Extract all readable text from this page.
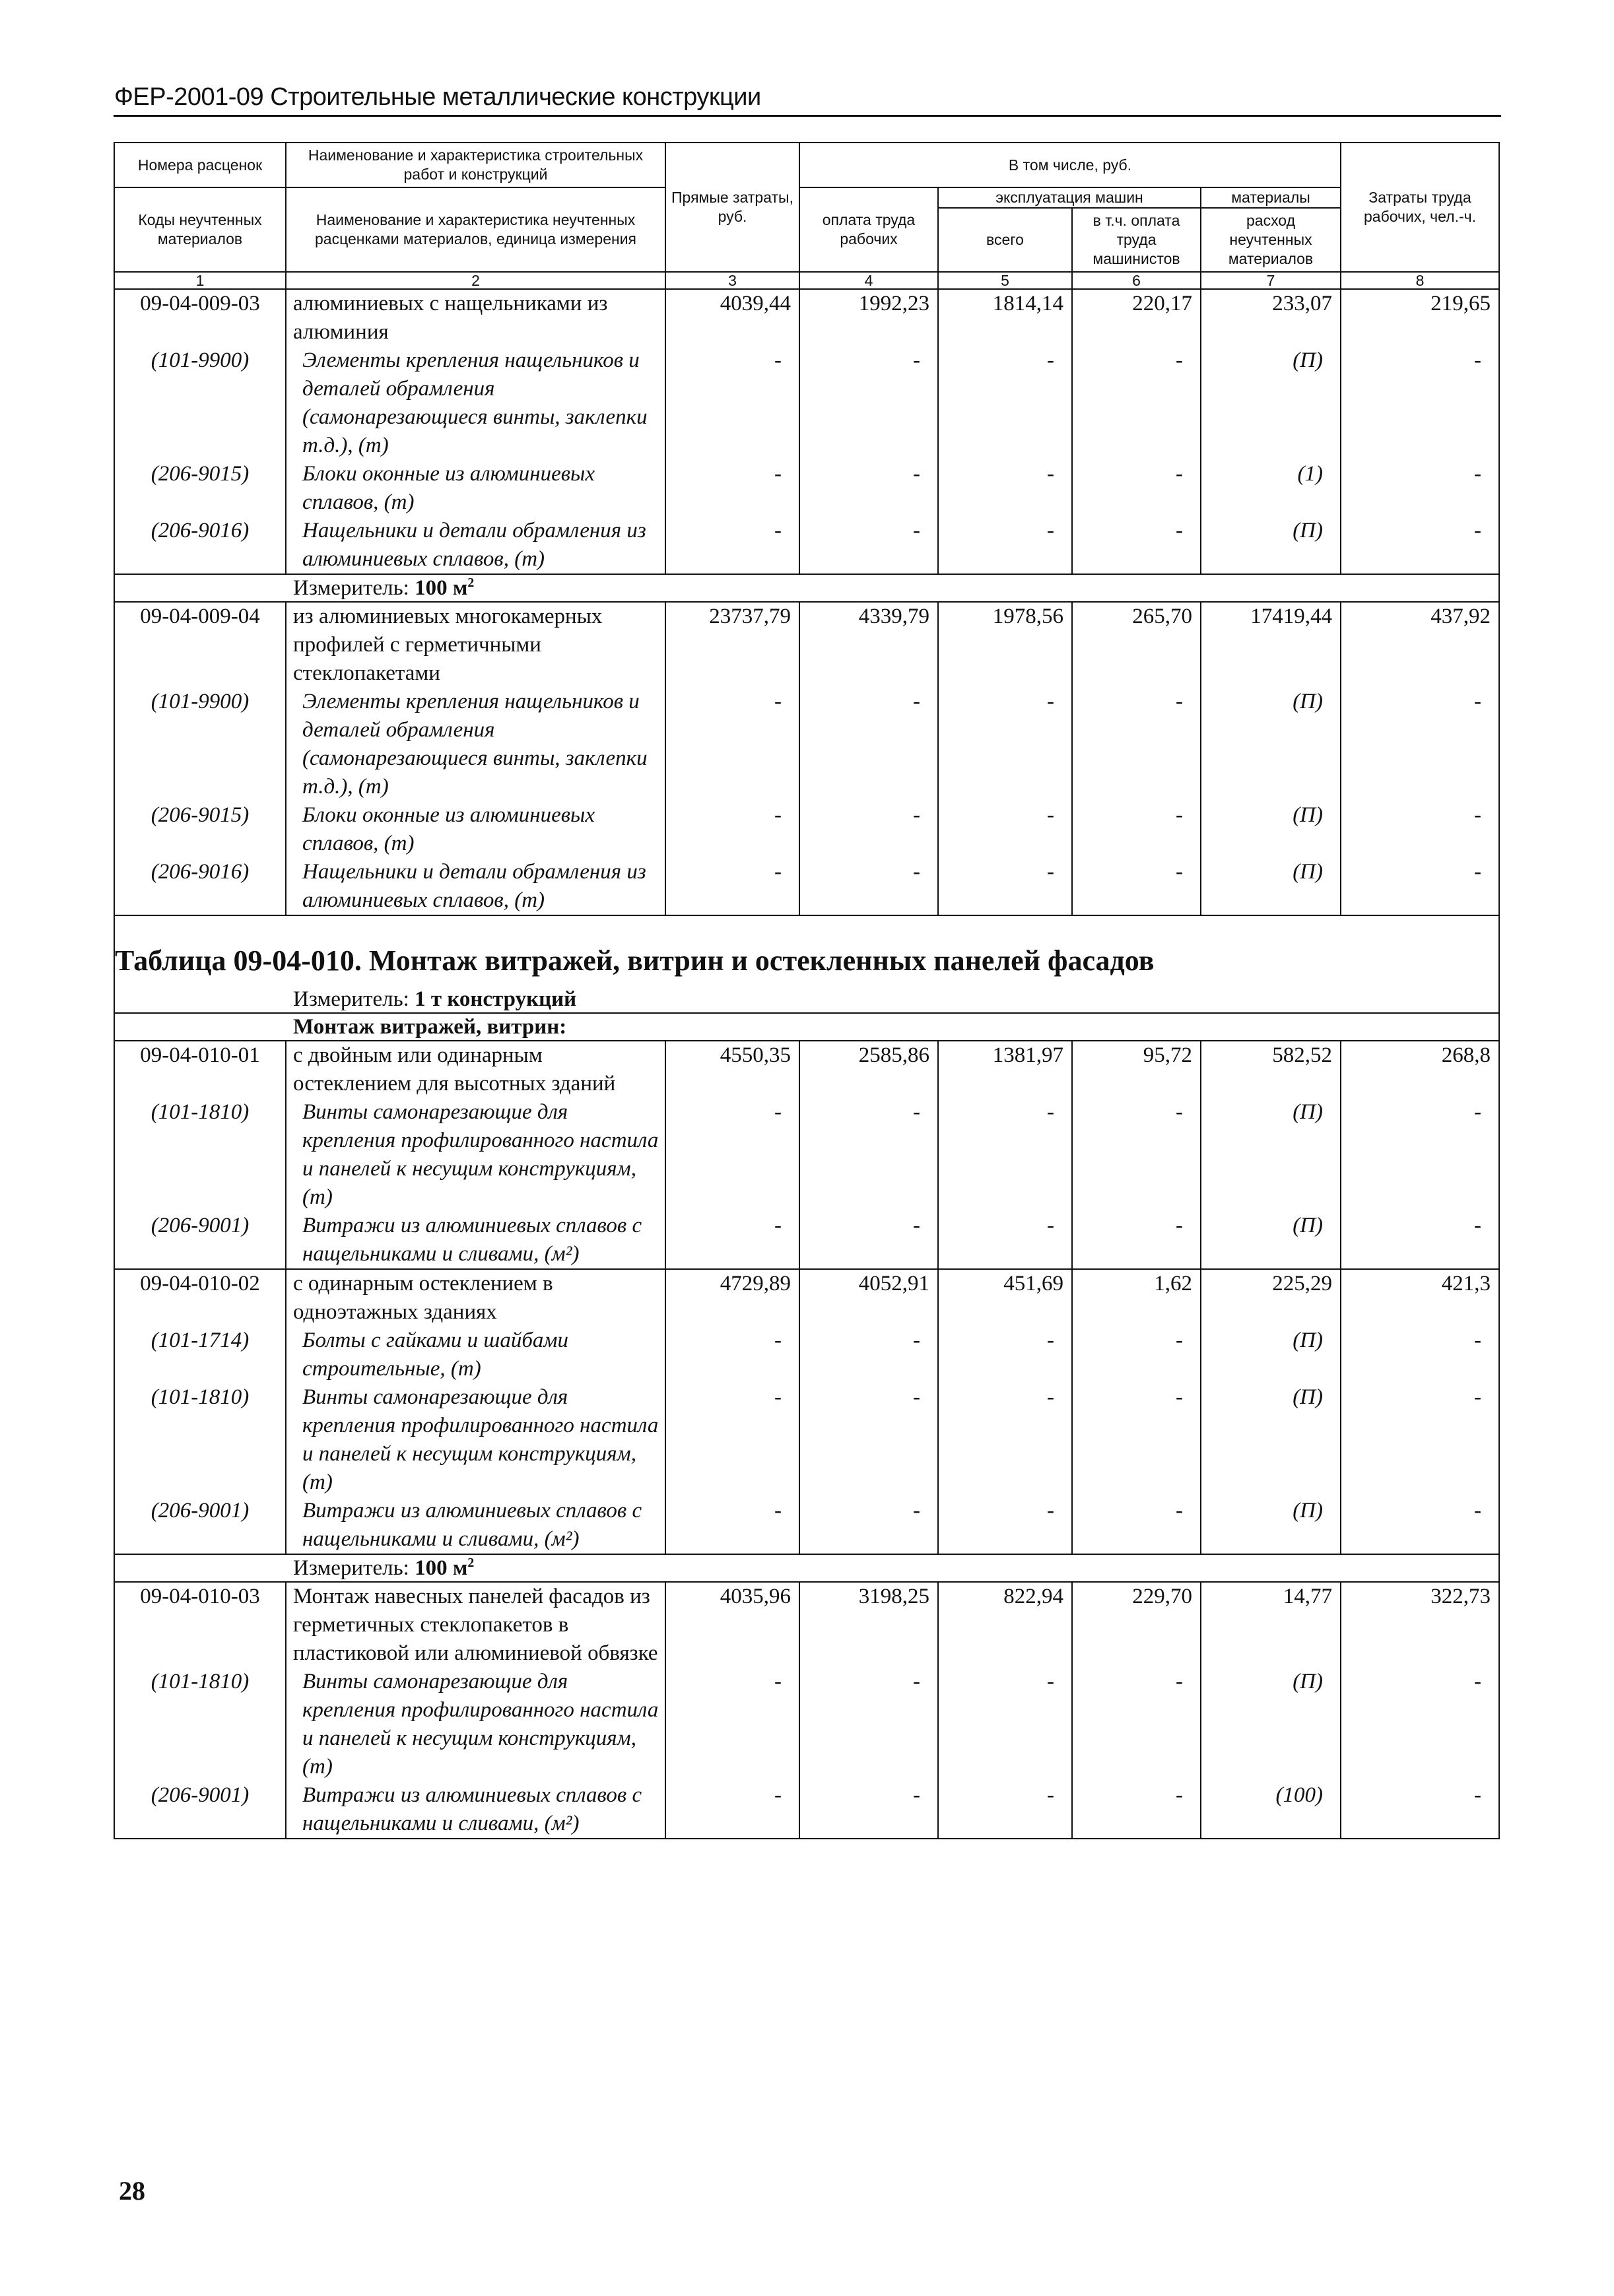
ФЕР-2001-09 Строительные металлические конструкции
Номера расценок	Наименование и характеристика строительных работ и конструкций	Прямые затраты, руб.	В том числе, руб.				Затраты труда рабочих, чел.-ч.
Коды неучтенных материалов	Наименование и характеристика неучтенных расценками материалов, единица измерения		оплата труда рабочих	эксплуатация машин		материалы	
				всего	в т.ч. оплата труда машинистов	расход неучтенных материалов	
1	2	3	4	5	6	7	8
09-04-009-03	алюминиевых с нащельниками из алюминия	4039,44	1992,23	1814,14	220,17	233,07	219,65
(101-9900)	Элементы крепления нащельников и деталей обрамления (самонарезающиеся винты, заклепки т.д.), (т)	-	-	-	-	(П)	-
(206-9015)	Блоки оконные из алюминиевых сплавов, (т)	-	-	-	-	(1)	-
(206-9016)	Нащельники и детали обрамления из алюминиевых сплавов, (т)	-	-	-	-	(П)	-
Измеритель: 100 $м^2$
09-04-009-04	из алюминиевых многокамерных профилей с герметичными стеклопакетами	23737,79	4339,79	1978,56	265,70	17419,44	437,92
(101-9900)	Элементы крепления нащельников и деталей обрамления (самонарезающиеся винты, заклепки т.д.), (т)	-	-	-	-	(П)	-
(206-9015)	Блоки оконные из алюминиевых сплавов, (т)	-	-	-	-	(П)	-
(206-9016)	Нащельники и детали обрамления из алюминиевых сплавов, (т)	-	-	-	-	(П)	-
Таблица 09-04-010. Монтаж витражей, витрин и остекленных панелей фасадов							
Измеритель: 1 т конструкций							
Монтаж витражей, витрин:							
09-04-010-01	с двойным или одинарным остеклением для высотных зданий	4550,35	2585,86	1381,97	95,72	582,52	268,8
(101-1810)	Винты самонарезающие для крепления профилированного настила и панелей к несущим конструкциям, (т)	-	-	-	-	(П)	-
(206-9001)	Витражи из алюминиевых сплавов с нащельниками и сливами, (м²)	-	-	-	-	(П)	-
09-04-010-02	с одинарным остеклением в одноэтажных зданиях	4729,89	4052,91	451,69	1,62	225,29	421,3
(101-1714)	Болты с гайками и шайбами строительные, (т)	-	-	-	-	(П)	-
(101-1810)	Винты самонарезающие для крепления профилированного настила и панелей к несущим конструкциям, (т)	-	-	-	-	(П)	-
(206-9001)	Витражи из алюминиевых сплавов с нащельниками и сливами, (м²)	-	-	-	-	(П)	-
Измеритель: 100 $м^2$
09-04-010-03	Монтаж навесных панелей фасадов из герметичных стеклопакетов в пластиковой или алюминиевой обвязке	4035,96	3198,25	822,94	229,70	14,77	322,73
(101-1810)	Винты самонарезающие для крепления профилированного настила и панелей к несущим конструкциям, (т)	-	-	-	-	(П)	-
(206-9001)	Витражи из алюминиевых сплавов с нащельниками и сливами, (м²)	-	-	-	-	(100)	-
28
